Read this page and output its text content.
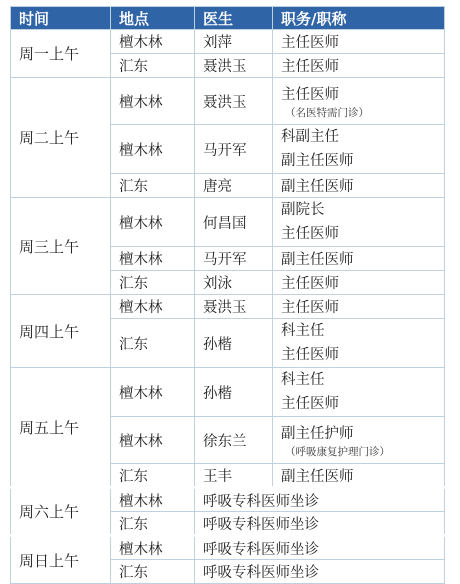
时间	地点	医生	职务/职称
周一上午	檀木林	刘萍	主任医师
	汇东	聂洪玉	主任医师
周二上午	檀木林	聂洪玉	主任医师
（名医特需门诊）

	檀木林	马开军	科副主任
副主任医师

	汇东	唐亮	副主任医师
周三上午	檀木林	何昌国	副院长
主任医师

	檀木林	马开军	副主任医师
	汇东	刘泳	主任医师
周四上午	檀木林	聂洪玉	主任医师
	汇东	孙楷	科主任
主任医师

周五上午	檀木林	孙楷	科主任
主任医师

	檀木林	徐东兰	副主任护师
（呼吸康复护理门诊）

	汇东	王丰	副主任医师
周六上午	檀木林	呼吸专科医师坐诊	
	汇东	呼吸专科医师坐诊	
周日上午	檀木林	呼吸专科医师坐诊	
	汇东	呼吸专科医师坐诊	
